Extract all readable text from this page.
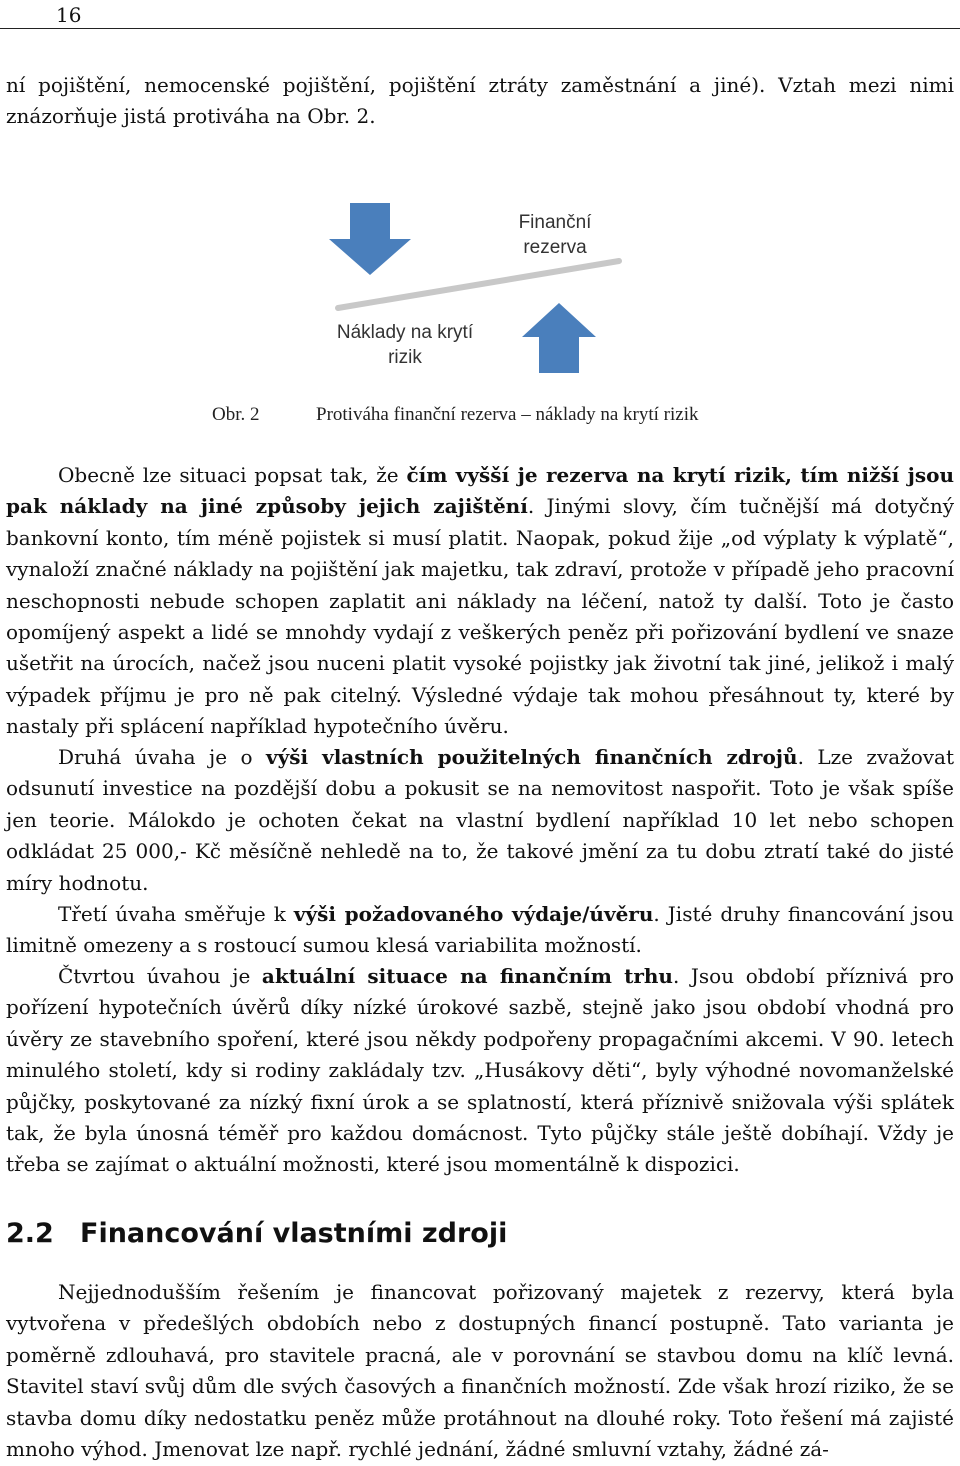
16

ní pojištění, nemocenské pojištění, pojištění ztráty zaměstnání a jiné). Vztah mezi nimi znázorňuje jistá protiváha na Obr. 2.

Finanční rezerva
Náklady na krytí rizik
Obr. 2	Protiváha finanční rezerva – náklady na krytí rizik

Obecně lze situaci popsat tak, že čím vyšší je rezerva na krytí rizik, tím nižší jsou pak náklady na jiné způsoby jejich zajištění. Jinými slovy, čím tučnější má dotyčný bankovní konto, tím méně pojistek si musí platit. Naopak, pokud žije „od výplaty k výplatě“, vynaloží značné náklady na pojištění jak majetku, tak zdraví, protože v případě jeho pracovní neschopnosti nebude schopen zaplatit ani náklady na léčení, natož ty další. Toto je často opomíjený aspekt a lidé se mnohdy vydají z veškerých peněz při pořizování bydlení ve snaze ušetřit na úrocích, načež jsou nuceni platit vysoké pojistky jak životní tak jiné, jelikož i malý výpadek příjmu je pro ně pak citelný. Výsledné výdaje tak mohou přesáhnout ty, které by nastaly při splácení například hypotečního úvěru.

Druhá úvaha je o výši vlastních použitelných finančních zdrojů. Lze zvažovat odsunutí investice na pozdější dobu a pokusit se na nemovitost naspořit. Toto je však spíše jen teorie. Málokdo je ochoten čekat na vlastní bydlení například 10 let nebo schopen odkládat 25 000,- Kč měsíčně nehledě na to, že takové jmění za tu dobu ztratí také do jisté míry hodnotu.

Třetí úvaha směřuje k výši požadovaného výdaje/úvěru. Jisté druhy financování jsou limitně omezeny a s rostoucí sumou klesá variabilita možností.

Čtvrtou úvahou je aktuální situace na finančním trhu. Jsou období příznivá pro pořízení hypotečních úvěrů díky nízké úrokové sazbě, stejně jako jsou období vhodná pro úvěry ze stavebního spoření, které jsou někdy podpořeny propagačními akcemi. V 90. letech minulého století, kdy si rodiny zakládaly tzv. „Husákovy děti“, byly výhodné novomanželské půjčky, poskytované za nízký fixní úrok a se splatností, která příznivě snižovala výši splátek tak, že byla únosná téměř pro každou domácnost. Tyto půjčky stále ještě dobíhají. Vždy je třeba se zajímat o aktuální možnosti, které jsou momentálně k dispozici.

2.2 Financování vlastními zdroji

Nejjednodušším řešením je financovat pořizovaný majetek z rezervy, která byla vytvořena v předešlých obdobích nebo z dostupných financí postupně. Tato varianta je poměrně zdlouhavá, pro stavitele pracná, ale v porovnání se stavbou domu na klíč levná. Stavitel staví svůj dům dle svých časových a finančních možností. Zde však hrozí riziko, že se stavba domu díky nedostatku peněz může protáhnout na dlouhé roky. Toto řešení má zajisté mnoho výhod. Jmenovat lze např. rychlé jednání, žádné smluvní vztahy, žádné zá-
